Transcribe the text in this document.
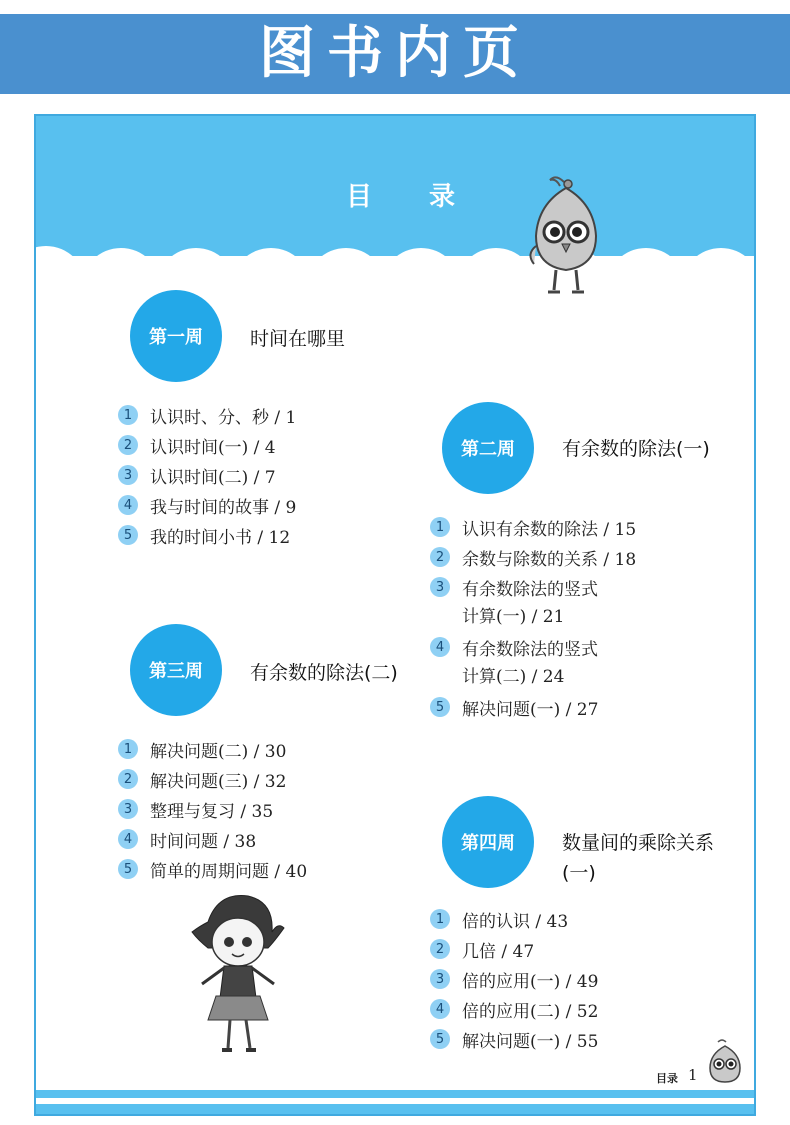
图书内页
目 录
第一周	时间在哪里
1	认识时、分、秒 / 1
2	认识时间(一) / 4
3	认识时间(二) / 7
4	我与时间的故事 / 9
5	我的时间小书 / 12
第二周	有余数的除法(一)
1	认识有余数的除法 / 15
2	余数与除数的关系 / 18
3	有余数除法的竖式
计算(一) / 21
4	有余数除法的竖式
计算(二) / 24
5	解决问题(一) / 27
第三周	有余数的除法(二)
1	解决问题(二) / 30
2	解决问题(三) / 32
3	整理与复习 / 35
4	时间问题 / 38
5	简单的周期问题 / 40
第四周	数量间的乘除关系
(一)
1	倍的认识 / 43
2	几倍 / 47
3	倍的应用(一) / 49
4	倍的应用(二) / 52
5	解决问题(一) / 55
目录 1
